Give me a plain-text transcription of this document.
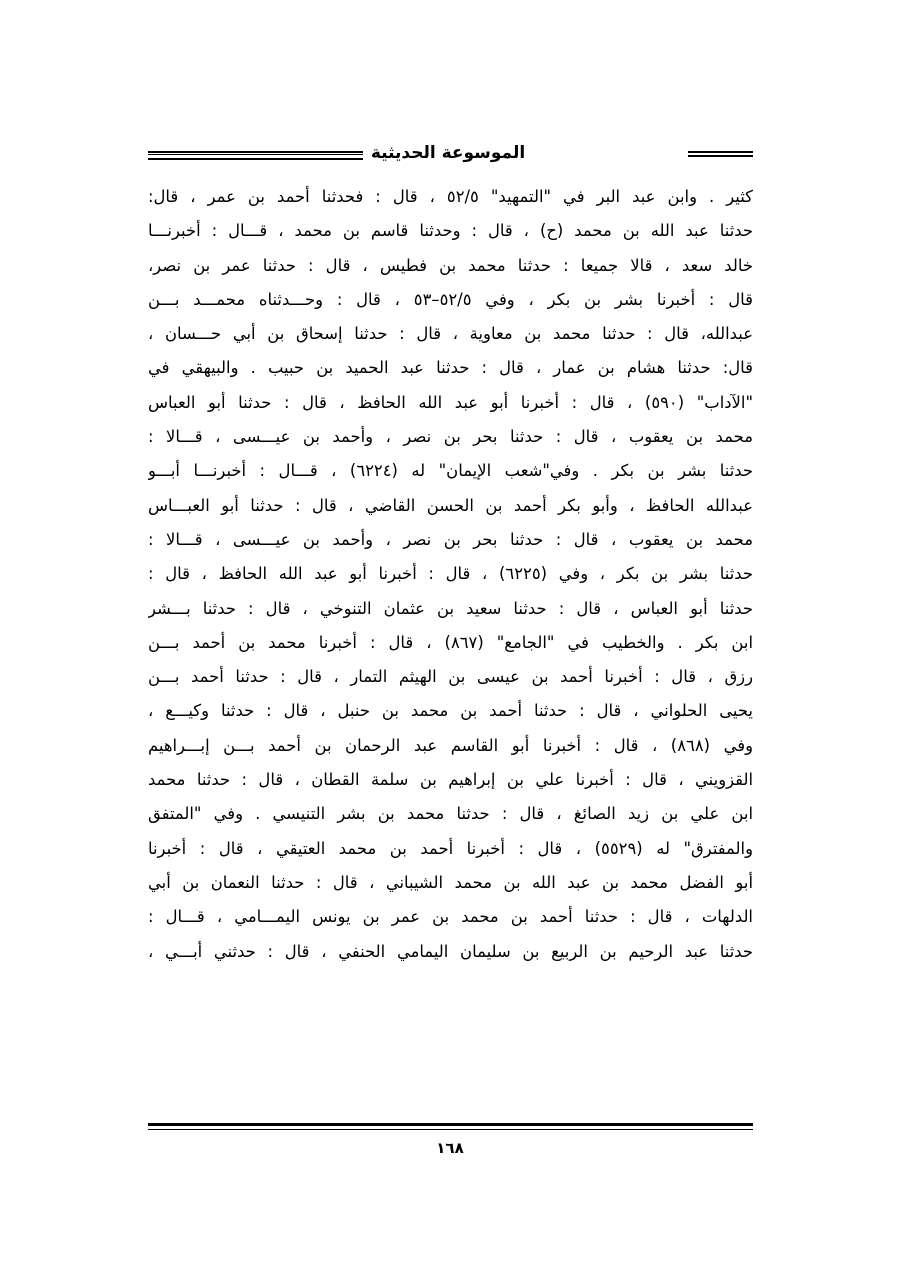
الموسوعة الحديثية
كثير . وابن عبد البر في "التمهيد" ٥٢/٥ ، قال : فحدثنا أحمد بن عمر ، قال:
حدثنا عبد الله بن محمد (ح) ، قال : وحدثنا قاسم بن محمد ، قـــال : أخبرنـــا
خالد سعد ، قالا جميعا : حدثنا محمد بن فطيس ، قال : حدثنا عمر بن نصر،
قال : أخبرنا بشر بن بكر ، وفي ٥٢/٥–٥٣ ، قال : وحـــدثناه محمـــد بـــن
عبدالله، قال : حدثنا محمد بن معاوية ، قال : حدثنا إسحاق بن أبي حـــسان ،
قال: حدثنا هشام بن عمار ، قال : حدثنا عبد الحميد بن حبيب . والبيهقي في
"الآداب" (٥٩٠) ، قال : أخبرنا أبو عبد الله الحافظ ، قال : حدثنا أبو العباس
محمد بن يعقوب ، قال : حدثنا بحر بن نصر ، وأحمد بن عيـــسى ، قـــالا :
حدثنا بشر بن بكر . وفي"شعب الإيمان" له (٦٢٢٤) ، قـــال : أخبرنـــا أبـــو
عبدالله الحافظ ، وأبو بكر أحمد بن الحسن القاضي ، قال : حدثنا أبو العبـــاس
محمد بن يعقوب ، قال : حدثنا بحر بن نصر ، وأحمد بن عيـــسى ، قـــالا :
حدثنا بشر بن بكر ، وفي (٦٢٢٥) ، قال : أخبرنا أبو عبد الله الحافظ ، قال :
حدثنا أبو العباس ، قال : حدثنا سعيد بن عثمان التنوخي ، قال : حدثنا بـــشر
ابن بكر . والخطيب في "الجامع" (٨٦٧) ، قال : أخبرنا محمد بن أحمد بـــن
رزق ، قال : أخبرنا أحمد بن عيسى بن الهيثم التمار ، قال : حدثنا أحمد بـــن
يحيى الحلواني ، قال : حدثنا أحمد بن محمد بن حنبل ، قال : حدثنا وكيـــع ،
وفي (٨٦٨) ، قال : أخبرنا أبو القاسم عبد الرحمان بن أحمد بـــن إبـــراهيم
القزويني ، قال : أخبرنا علي بن إبراهيم بن سلمة القطان ، قال : حدثنا محمد
ابن علي بن زيد الصائغ ، قال : حدثنا محمد بن بشر التنيسي . وفي "المتفق
والمفترق" له (٥٥٢٩) ، قال : أخبرنا أحمد بن محمد العتيقي ، قال : أخبرنا
أبو الفضل محمد بن عبد الله بن محمد الشيباني ، قال : حدثنا النعمان بن أبي
الدلهات ، قال : حدثنا أحمد بن محمد بن عمر بن يونس اليمـــامي ، قـــال :
حدثنا عبد الرحيم بن الربيع بن سليمان اليمامي الحنفي ، قال : حدثني أبـــي ،
١٦٨
